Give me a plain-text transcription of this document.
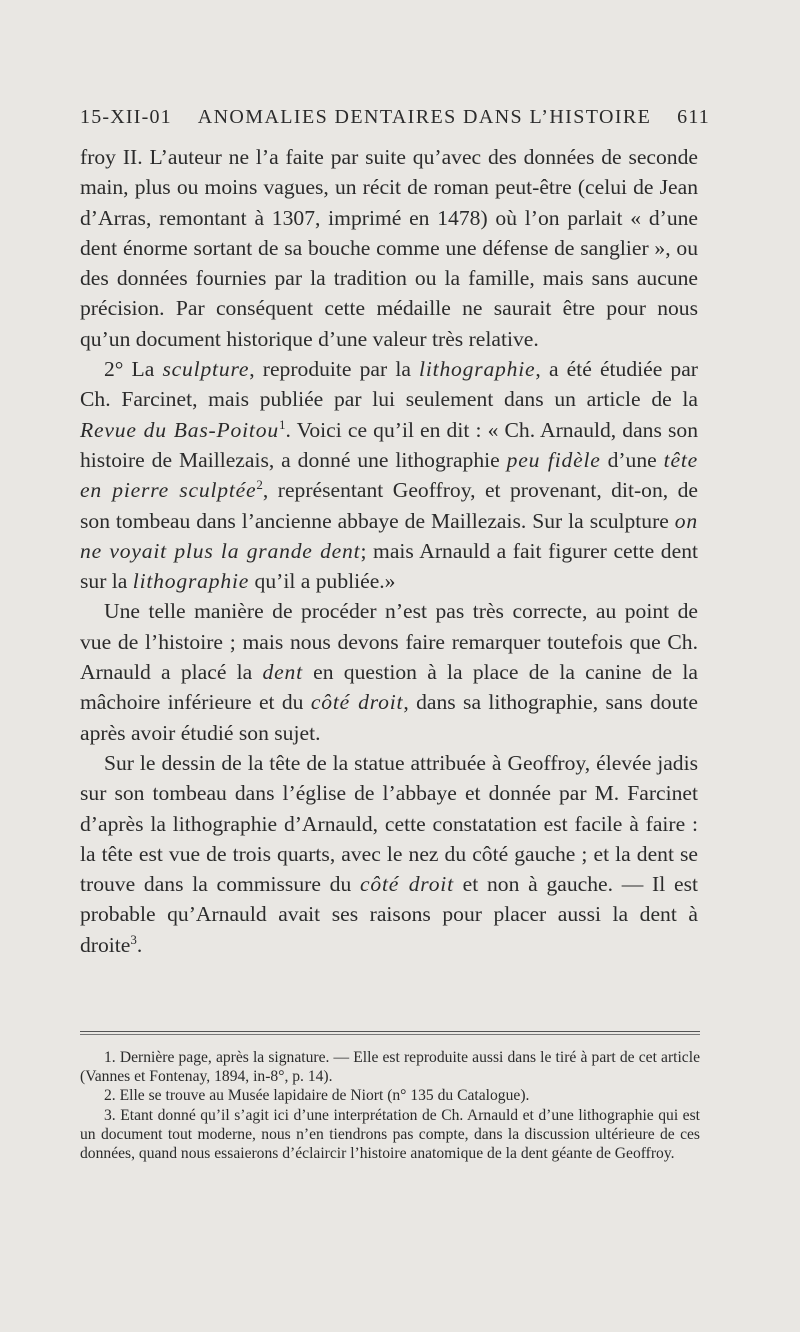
15-XII-01	ANOMALIES DENTAIRES DANS L’HISTOIRE	611

froy II. L’auteur ne l’a faite par suite qu’avec des données de seconde main, plus ou moins vagues, un récit de roman peut-être (celui de Jean d’Arras, remontant à 1307, imprimé en 1478) où l’on parlait « d’une dent énorme sortant de sa bouche comme une défense de sanglier », ou des données fournies par la tradition ou la famille, mais sans aucune précision. Par conséquent cette médaille ne saurait être pour nous qu’un document historique d’une valeur très relative.

2° La sculpture, reproduite par la lithographie, a été étudiée par Ch. Farcinet, mais publiée par lui seulement dans un article de la Revue du Bas-Poitou$^1$. Voici ce qu’il en dit : « Ch. Arnauld, dans son histoire de Maillezais, a donné une lithographie peu fidèle d’une tête en pierre sculptée$^2$, représentant Geoffroy, et provenant, dit-on, de son tombeau dans l’ancienne abbaye de Maillezais. Sur la sculpture on ne voyait plus la grande dent; mais Arnauld a fait figurer cette dent sur la lithographie qu’il a publiée.»

Une telle manière de procéder n’est pas très correcte, au point de vue de l’histoire ; mais nous devons faire remarquer toutefois que Ch. Arnauld a placé la dent en question à la place de la canine de la mâchoire inférieure et du côté droit, dans sa lithographie, sans doute après avoir étudié son sujet.

Sur le dessin de la tête de la statue attribuée à Geoffroy, élevée jadis sur son tombeau dans l’église de l’abbaye et donnée par M. Farcinet d’après la lithographie d’Arnauld, cette constatation est facile à faire : la tête est vue de trois quarts, avec le nez du côté gauche ; et la dent se trouve dans la commissure du côté droit et non à gauche. — Il est probable qu’Arnauld avait ses raisons pour placer aussi la dent à droite$^3$.

1. Dernière page, après la signature. — Elle est reproduite aussi dans le tiré à part de cet article (Vannes et Fontenay, 1894, in-8°, p. 14).

2. Elle se trouve au Musée lapidaire de Niort (n° 135 du Catalogue).

3. Etant donné qu’il s’agit ici d’une interprétation de Ch. Arnauld et d’une lithographie qui est un document tout moderne, nous n’en tiendrons pas compte, dans la discussion ultérieure de ces données, quand nous essaierons d’éclaircir l’histoire anatomique de la dent géante de Geoffroy.
